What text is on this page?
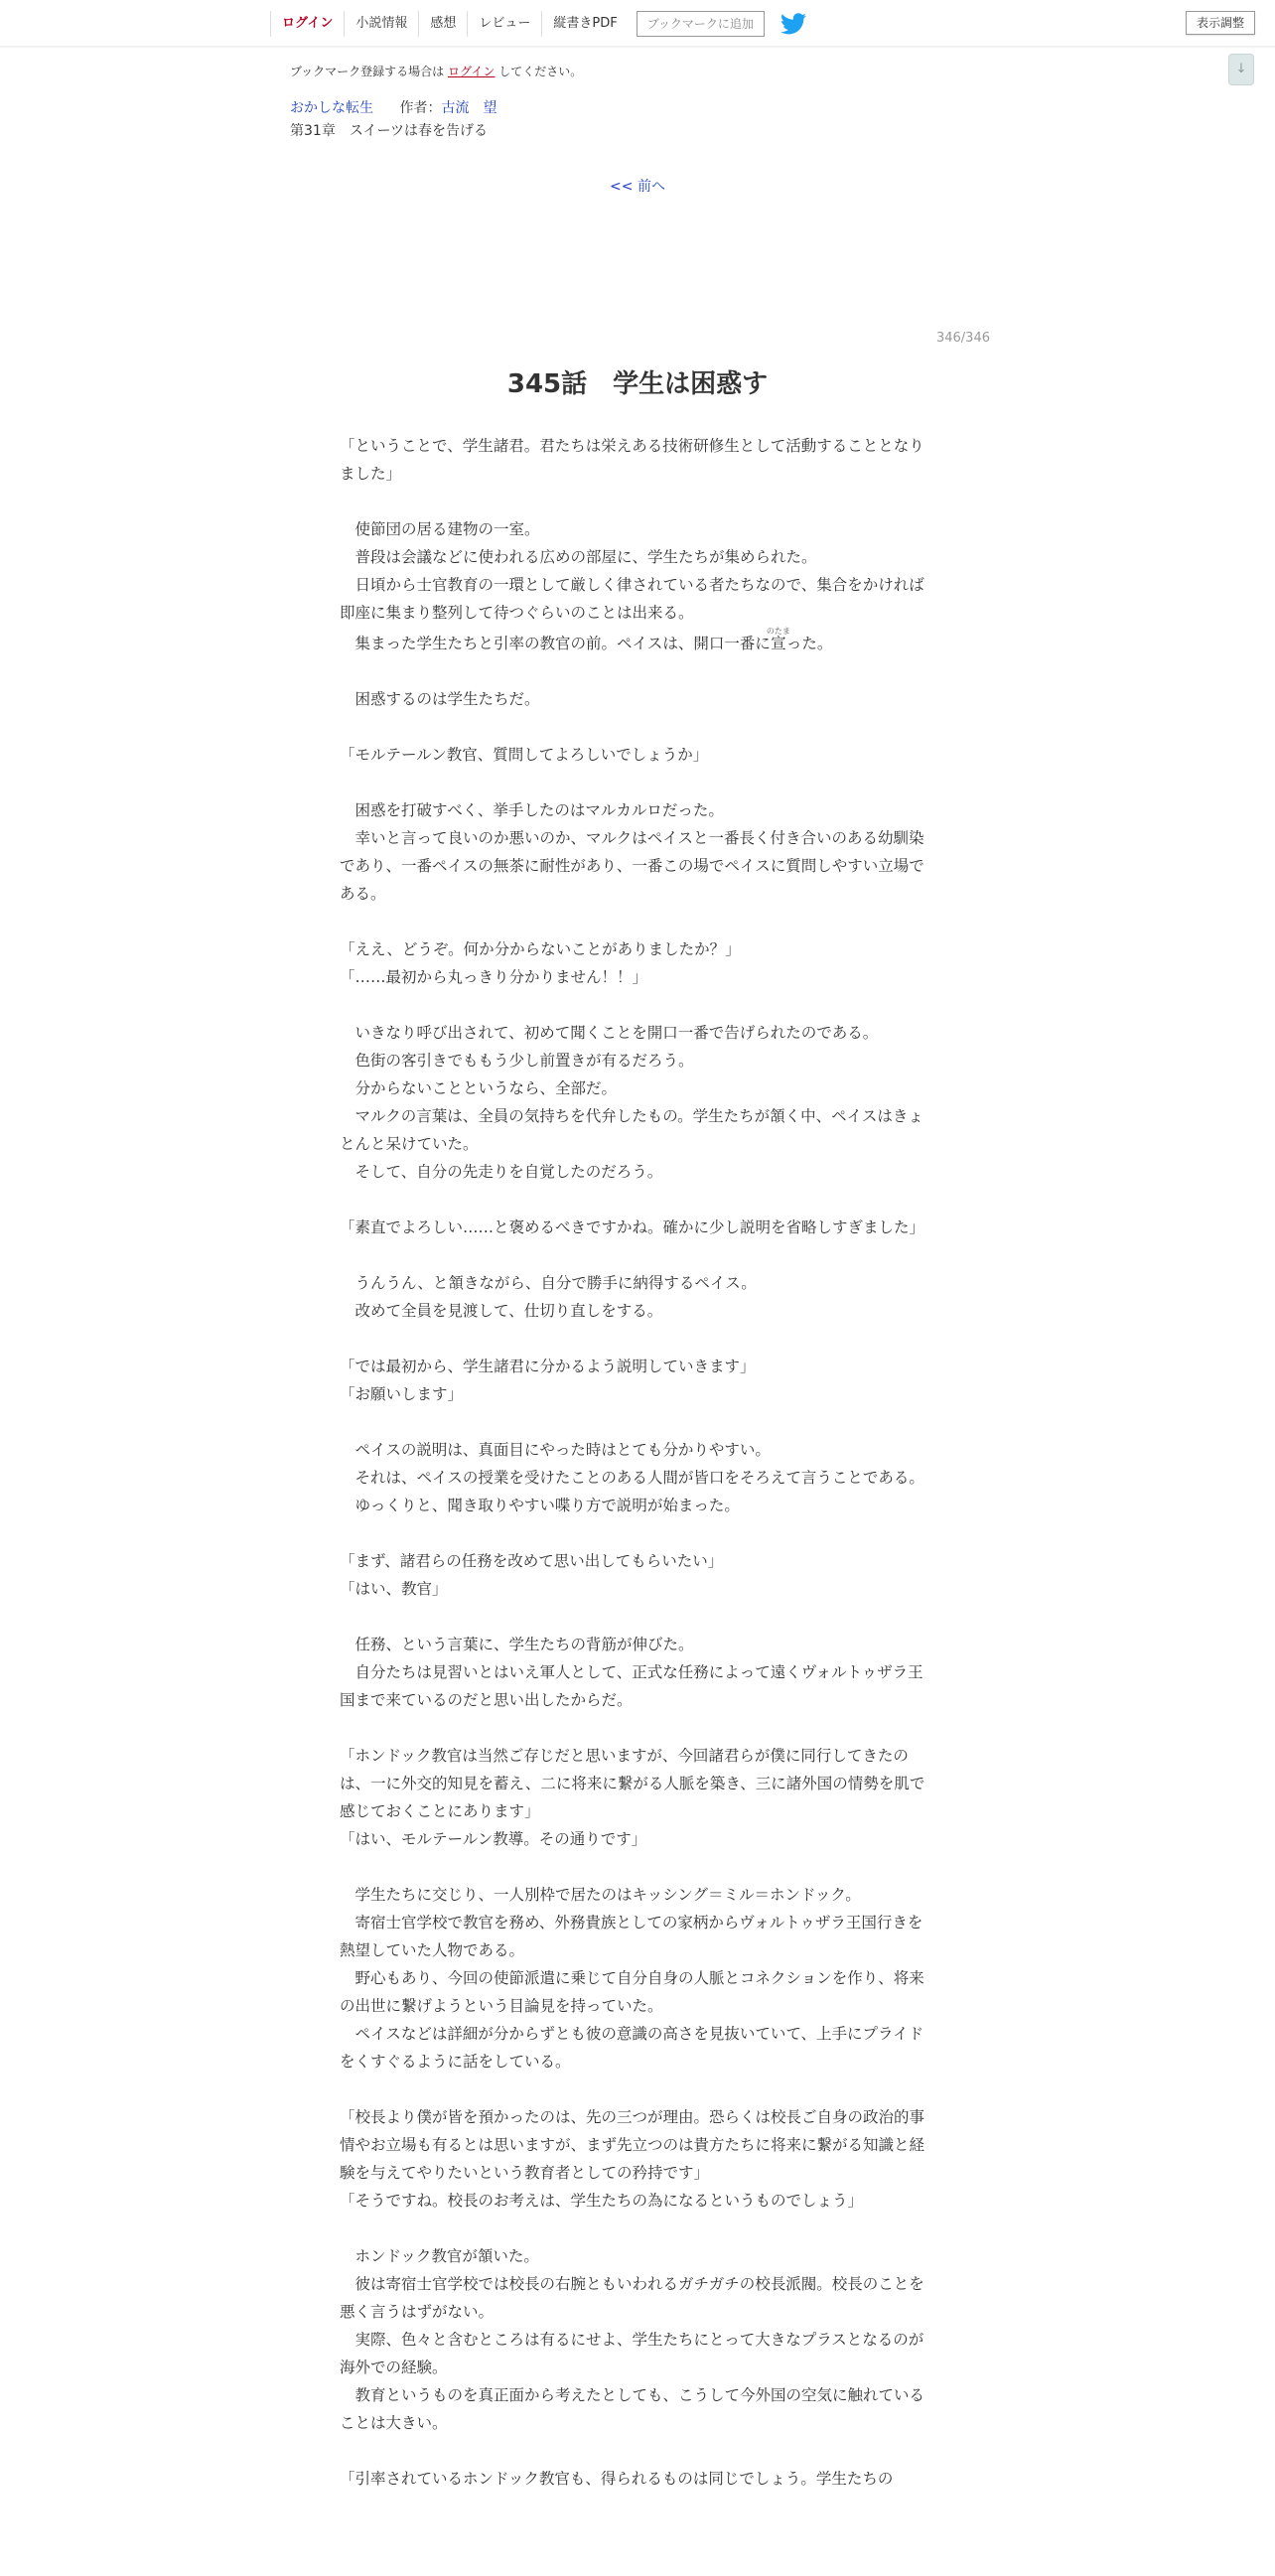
ログイン	小説情報	感想	レビュー	縦書きPDF	ブックマークに追加	表示調整
↓
ブックマーク登録する場合は ログイン してください。
おかしな転生 作者：古流　望
第31章　スイーツは春を告げる
<< 前へ
346/346
345話　学生は困惑す

「ということで、学生諸君。君たちは栄えある技術研修生として活動することとなりました」

　使節団の居る建物の一室。

　普段は会議などに使われる広めの部屋に、学生たちが集められた。

　日頃から士官教育の一環として厳しく律されている者たちなので、集合をかければ即座に集まり整列して待つぐらいのことは出来る。

　集まった学生たちと引率の教官の前。ペイスは、開口一番に宣のたまった。

　困惑するのは学生たちだ。

「モルテールン教官、質問してよろしいでしょうか」

　困惑を打破すべく、挙手したのはマルカルロだった。

　幸いと言って良いのか悪いのか、マルクはペイスと一番長く付き合いのある幼馴染であり、一番ペイスの無茶に耐性があり、一番この場でペイスに質問しやすい立場である。

「ええ、どうぞ。何か分からないことがありましたか？」

「……最初から丸っきり分かりません！！」

　いきなり呼び出されて、初めて聞くことを開口一番で告げられたのである。

　色街の客引きでももう少し前置きが有るだろう。

　分からないことというなら、全部だ。

　マルクの言葉は、全員の気持ちを代弁したもの。学生たちが頷く中、ペイスはきょとんと呆けていた。

　そして、自分の先走りを自覚したのだろう。

「素直でよろしい……と褒めるべきですかね。確かに少し説明を省略しすぎました」

　うんうん、と頷きながら、自分で勝手に納得するペイス。

　改めて全員を見渡して、仕切り直しをする。

「では最初から、学生諸君に分かるよう説明していきます」

「お願いします」

　ペイスの説明は、真面目にやった時はとても分かりやすい。

　それは、ペイスの授業を受けたことのある人間が皆口をそろえて言うことである。

　ゆっくりと、聞き取りやすい喋り方で説明が始まった。

「まず、諸君らの任務を改めて思い出してもらいたい」

「はい、教官」

　任務、という言葉に、学生たちの背筋が伸びた。

　自分たちは見習いとはいえ軍人として、正式な任務によって遠くヴォルトゥザラ王国まで来ているのだと思い出したからだ。

「ホンドック教官は当然ご存じだと思いますが、今回諸君らが僕に同行してきたのは、一に外交的知見を蓄え、二に将来に繋がる人脈を築き、三に諸外国の情勢を肌で感じておくことにあります」

「はい、モルテールン教導。その通りです」

　学生たちに交じり、一人別枠で居たのはキッシング＝ミル＝ホンドック。

　寄宿士官学校で教官を務め、外務貴族としての家柄からヴォルトゥザラ王国行きを熱望していた人物である。

　野心もあり、今回の使節派遣に乗じて自分自身の人脈とコネクションを作り、将来の出世に繋げようという目論見を持っていた。

　ペイスなどは詳細が分からずとも彼の意識の高さを見抜いていて、上手にプライドをくすぐるように話をしている。

「校長より僕が皆を預かったのは、先の三つが理由。恐らくは校長ご自身の政治的事情やお立場も有るとは思いますが、まず先立つのは貴方たちに将来に繋がる知識と経験を与えてやりたいという教育者としての矜持です」

「そうですね。校長のお考えは、学生たちの為になるというものでしょう」

　ホンドック教官が頷いた。

　彼は寄宿士官学校では校長の右腕ともいわれるガチガチの校長派閥。校長のことを悪く言うはずがない。

　実際、色々と含むところは有るにせよ、学生たちにとって大きなプラスとなるのが海外での経験。

　教育というものを真正面から考えたとしても、こうして今外国の空気に触れていることは大きい。

「引率されているホンドック教官も、得られるものは同じでしょう。学生たちの
